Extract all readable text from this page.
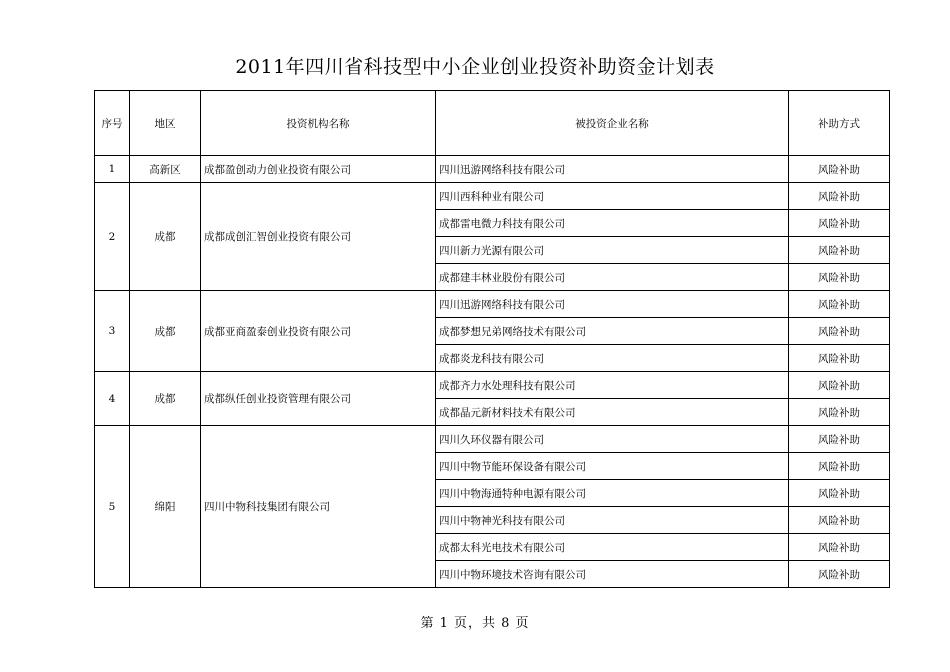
2011年四川省科技型中小企业创业投资补助资金计划表
序号	地区	投资机构名称	被投资企业名称	补助方式
1	高新区	成都盈创动力创业投资有限公司	四川迅游网络科技有限公司	风险补助
2	成都	成都成创汇智创业投资有限公司	四川西科种业有限公司	风险补助
			成都雷电微力科技有限公司	风险补助
			四川新力光源有限公司	风险补助
			成都建丰林业股份有限公司	风险补助
3	成都	成都亚商盈泰创业投资有限公司	四川迅游网络科技有限公司	风险补助
			成都梦想兄弟网络技术有限公司	风险补助
			成都炎龙科技有限公司	风险补助
4	成都	成都纵任创业投资管理有限公司	成都齐力水处理科技有限公司	风险补助
			成都晶元新材料技术有限公司	风险补助
5	绵阳	四川中物科技集团有限公司	四川久环仪器有限公司	风险补助
			四川中物节能环保设备有限公司	风险补助
			四川中物海通特种电源有限公司	风险补助
			四川中物神光科技有限公司	风险补助
			成都太科光电技术有限公司	风险补助
			四川中物环境技术咨询有限公司	风险补助
第 1 页，共 8 页
